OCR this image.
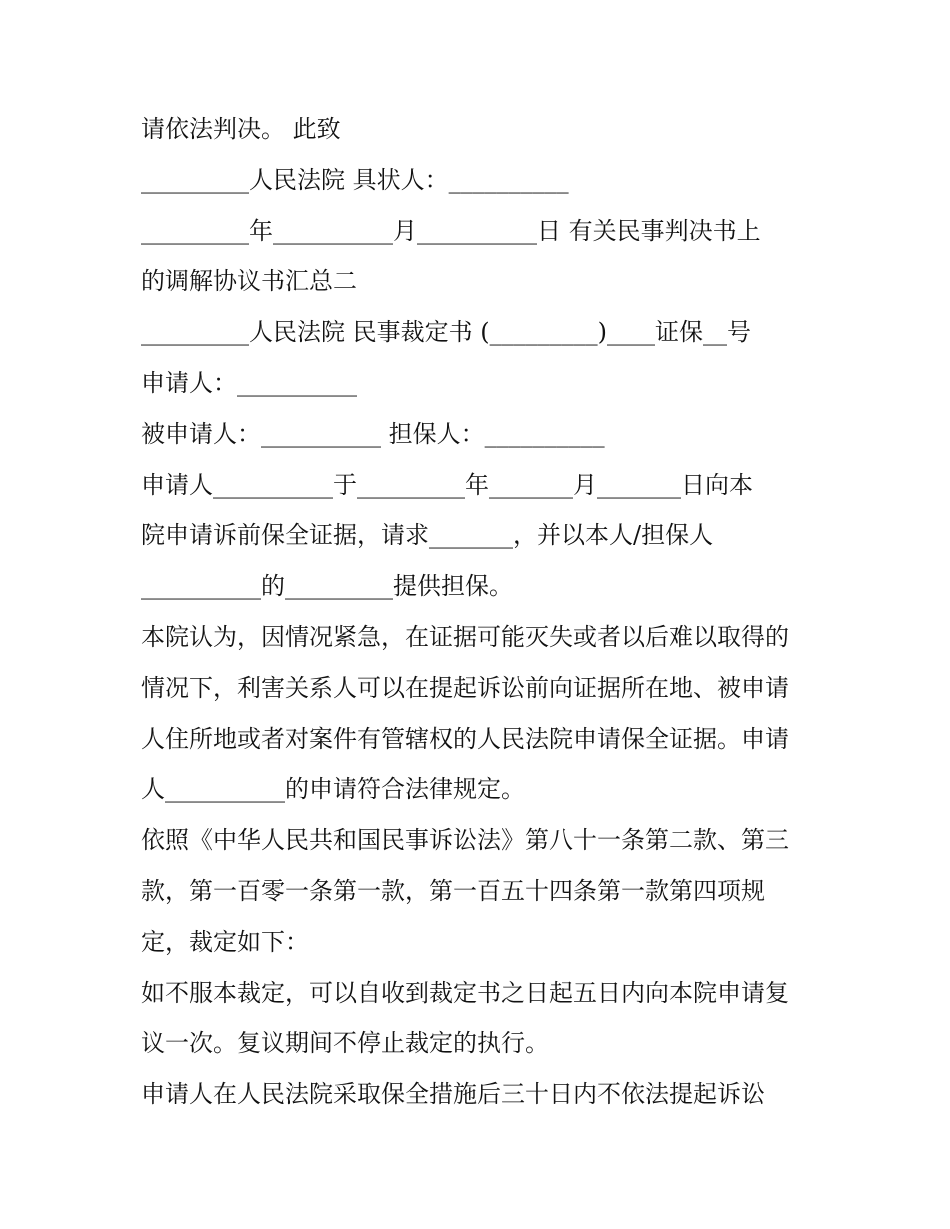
请依法判决。 此致
_________人民法院 具状人：__________
_________年__________月__________日 有关民事判决书上
的调解协议书汇总二
_________人民法院 民事裁定书 (_________)____证保__号
申请人：__________
被申请人：__________ 担保人：__________
申请人__________于_________年_______月_______日向本
院申请诉前保全证据，请求_______，并以本人/担保人
__________的_________提供担保。
本院认为，因情况紧急，在证据可能灭失或者以后难以取得的
情况下，利害关系人可以在提起诉讼前向证据所在地、被申请
人住所地或者对案件有管辖权的人民法院申请保全证据。申请
人__________的申请符合法律规定。
依照《中华人民共和国民事诉讼法》第八十一条第二款、第三
款，第一百零一条第一款，第一百五十四条第一款第四项规
定，裁定如下：
如不服本裁定，可以自收到裁定书之日起五日内向本院申请复
议一次。复议期间不停止裁定的执行。
申请人在人民法院采取保全措施后三十日内不依法提起诉讼
